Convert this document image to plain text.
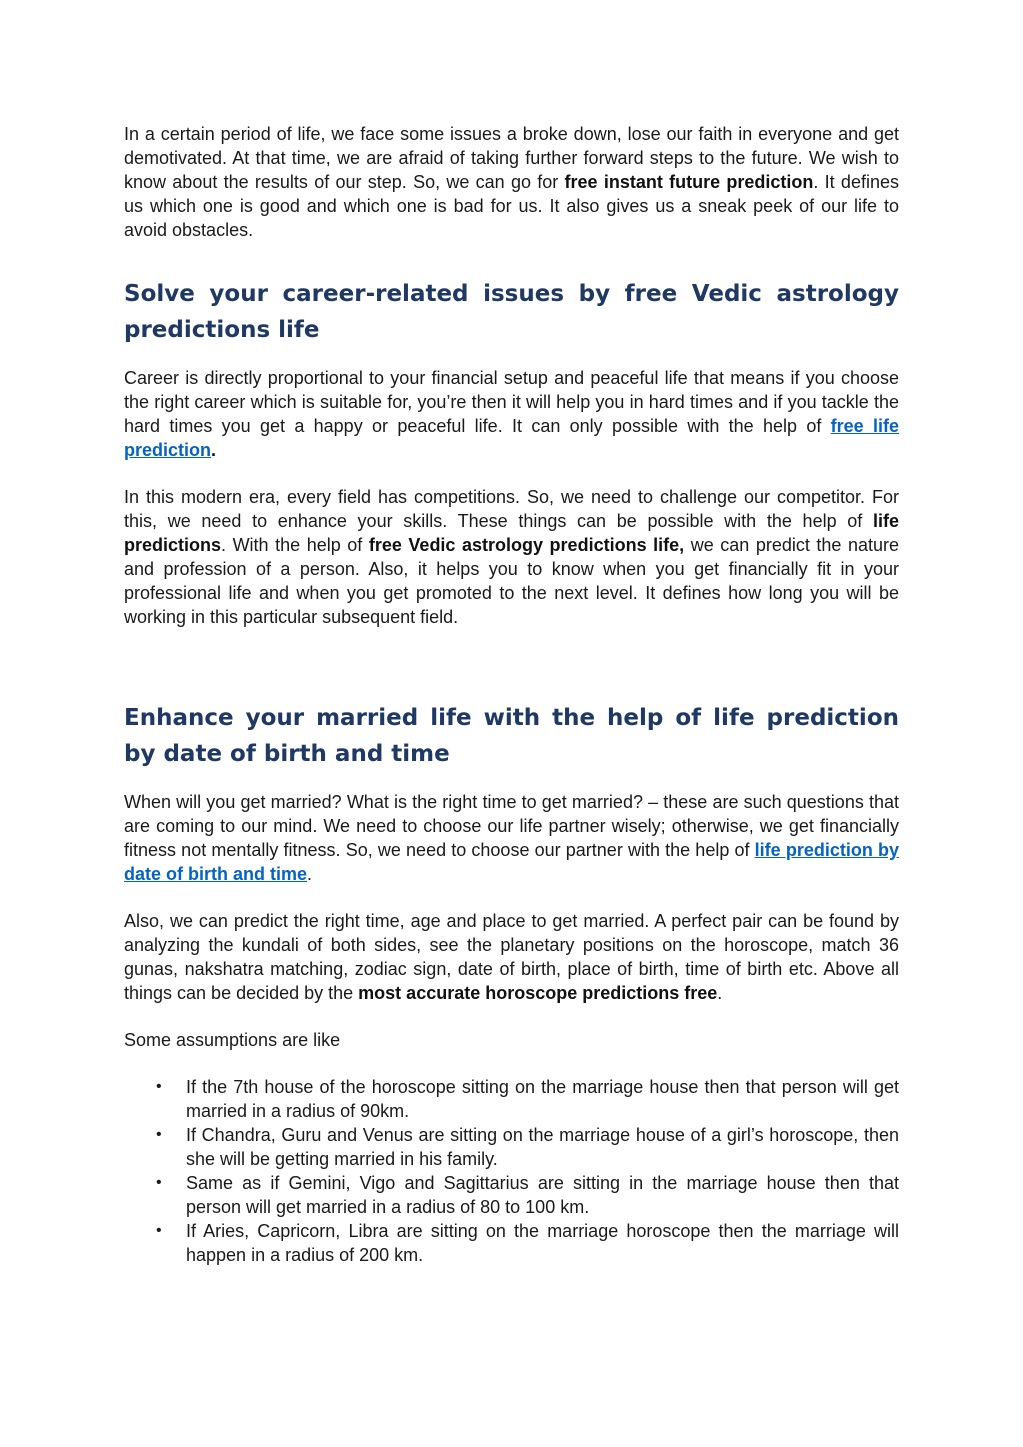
In a certain period of life, we face some issues a broke down, lose our faith in everyone and get demotivated. At that time, we are afraid of taking further forward steps to the future. We wish to know about the results of our step. So, we can go for free instant future prediction. It defines us which one is good and which one is bad for us. It also gives us a sneak peek of our life to avoid obstacles.

Solve your career-related issues by free Vedic astrology predictions life

Career is directly proportional to your financial setup and peaceful life that means if you choose the right career which is suitable for, you’re then it will help you in hard times and if you tackle the hard times you get a happy or peaceful life. It can only possible with the help of free life prediction.

In this modern era, every field has competitions. So, we need to challenge our competitor. For this, we need to enhance your skills. These things can be possible with the help of life predictions. With the help of free Vedic astrology predictions life, we can predict the nature and profession of a person. Also, it helps you to know when you get financially fit in your professional life and when you get promoted to the next level. It defines how long you will be working in this particular subsequent field.

Enhance your married life with the help of life prediction by date of birth and time

When will you get married? What is the right time to get married? – these are such questions that are coming to our mind. We need to choose our life partner wisely; otherwise, we get financially fitness not mentally fitness. So, we need to choose our partner with the help of life prediction by date of birth and time.

Also, we can predict the right time, age and place to get married. A perfect pair can be found by analyzing the kundali of both sides, see the planetary positions on the horoscope, match 36 gunas, nakshatra matching, zodiac sign, date of birth, place of birth, time of birth etc. Above all things can be decided by the most accurate horoscope predictions free.

Some assumptions are like

• If the 7th house of the horoscope sitting on the marriage house then that person will get married in a radius of 90km.
• If Chandra, Guru and Venus are sitting on the marriage house of a girl’s horoscope, then she will be getting married in his family.
• Same as if Gemini, Vigo and Sagittarius are sitting in the marriage house then that person will get married in a radius of 80 to 100 km.
• If Aries, Capricorn, Libra are sitting on the marriage horoscope then the marriage will happen in a radius of 200 km.
